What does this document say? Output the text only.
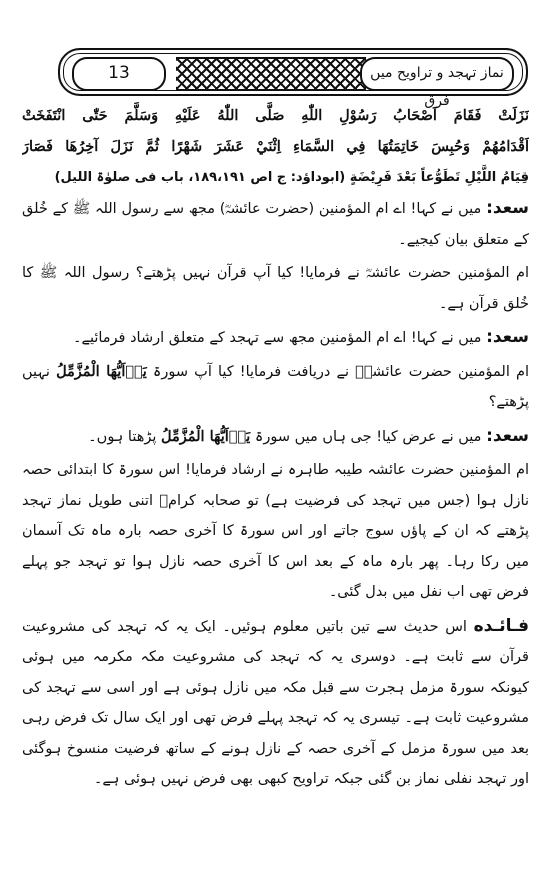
13	نماز تہجد و تراویح میں فرق

نَزَلَتْ فَقَامَ اَصْحَابُ رَسُوْلِ اللّٰهِ صَلَّى اللّٰهُ عَلَيْهِ وَسَلَّمَ حَتّٰى انْتَفَخَتْ

اَقْدَامُهُمْ وَحُبِسَ خَاتِمَتُهَا فِي السَّمَاءِ اِثْنَيْ عَشَرَ شَهْرًا ثُمَّ نَزَلَ آخِرُهَا فَصَارَ

قِيَامُ اللَّيْلِ تَطَوُّعاً بَعْدَ فَرِيْضَةٍ (ابوداؤد: ج اص ۱۸۹،۱۹۱، باب فی صلوٰۃ اللیل)

سعد: میں نے کہا! اے ام المؤمنین (حضرت عائشہؓ) مجھ سے رسول اللہ ﷺ کے خُلق کے متعلق بیان کیجیے۔

ام المؤمنین حضرت عائشہؓ نے فرمایا! کیا آپ قرآن نہیں پڑھتے؟ رسول اللہ ﷺ کا خُلق قرآن ہے۔

سعد: میں نے کہا! اے ام المؤمنین مجھ سے تہجد کے متعلق ارشاد فرمائیے۔

ام المؤمنین حضرت عائشہؓ نے دریافت فرمایا! کیا آپ سورۃ يَاۤاَيُّهَا الْمُزَّمِّلُ نہیں پڑھتے؟

سعد: میں نے عرض کیا! جی ہاں میں سورۃ يَاۤاَيُّهَا الْمُزَّمِّلُ پڑھتا ہوں۔

ام المؤمنین حضرت عائشہ طیبہ طاہرہ نے ارشاد فرمایا! اس سورۃ کا ابتدائی حصہ نازل ہوا (جس میں تہجد کی فرضیت ہے) تو صحابہ کرامؓ اتنی طویل نماز تہجد پڑھتے کہ ان کے پاؤں سوج جاتے اور اس سورۃ کا آخری حصہ بارہ ماہ تک آسمان میں رکا رہا۔ پھر بارہ ماہ کے بعد اس کا آخری حصہ نازل ہوا تو تہجد جو پہلے فرض تھی اب نفل میں بدل گئی۔

فـائـده اس حدیث سے تین باتیں معلوم ہوئیں۔ ایک یہ کہ تہجد کی مشروعیت قرآن سے ثابت ہے۔ دوسری یہ کہ تہجد کی مشروعیت مکہ مکرمہ میں ہوئی کیونکہ سورۃ مزمل ہجرت سے قبل مکہ میں نازل ہوئی ہے اور اسی سے تہجد کی مشروعیت ثابت ہے۔ تیسری یہ کہ تہجد پہلے فرض تھی اور ایک سال تک فرض رہی بعد میں سورۃ مزمل کے آخری حصہ کے نازل ہونے کے ساتھ فرضیت منسوخ ہوگئی اور تہجد نفلی نماز بن گئی جبکہ تراویح کبھی بھی فرض نہیں ہوئی ہے۔
